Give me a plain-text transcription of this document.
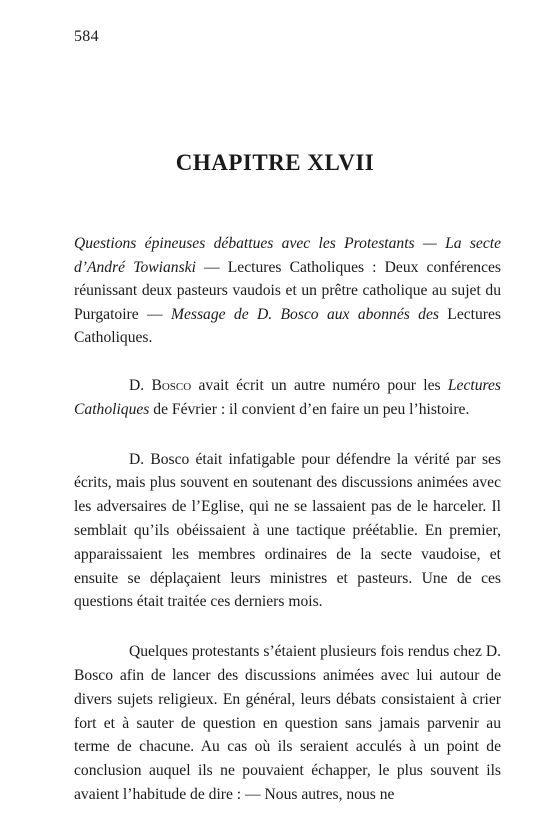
584
CHAPITRE XLVII
Questions épineuses débattues avec les Protestants — La secte d’André Towianski — Lectures Catholiques : Deux conférences réunissant deux pasteurs vaudois et un prêtre catholique au sujet du Purgatoire — Message de D. Bosco aux abonnés des Lectures Catholiques.

D. Bosco avait écrit un autre numéro pour les Lectures Catholiques de Février : il convient d’en faire un peu l’histoire.

D. Bosco était infatigable pour défendre la vérité par ses écrits, mais plus souvent en soutenant des discussions animées avec les adversaires de l’Eglise, qui ne se lassaient pas de le harceler. Il semblait qu’ils obéissaient à une tactique préétablie. En premier, apparaissaient les membres ordinaires de la secte vaudoise, et ensuite se déplaçaient leurs ministres et pasteurs. Une de ces questions était traitée ces derniers mois.

Quelques protestants s’étaient plusieurs fois rendus chez D. Bosco afin de lancer des discussions animées avec lui autour de divers sujets religieux. En général, leurs débats consistaient à crier fort et à sauter de question en question sans jamais parvenir au terme de chacune. Au cas où ils seraient acculés à un point de conclusion auquel ils ne pouvaient échapper, le plus souvent ils avaient l’habitude de dire : — Nous autres, nous ne
